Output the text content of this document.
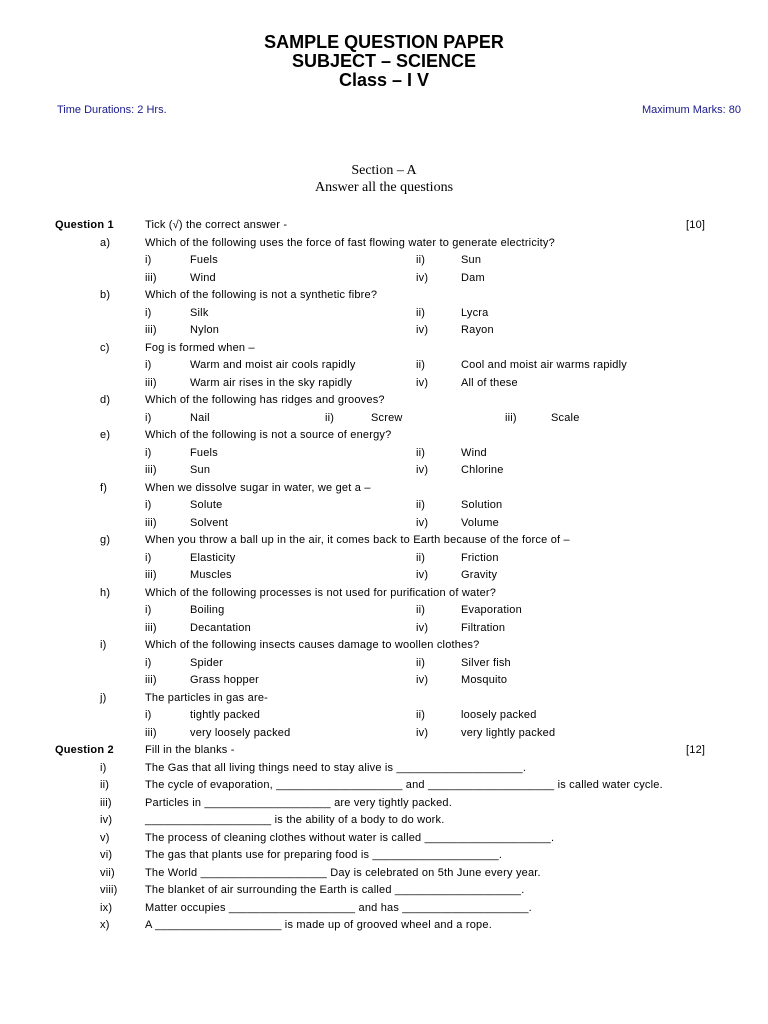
SAMPLE QUESTION PAPER
SUBJECT – SCIENCE
Class – I V
Time Durations: 2 Hrs.	Maximum Marks: 80
Section – A
Answer all the questions
Question 1	Tick (√) the correct answer -	[10]
a)	Which of the following uses the force of fast flowing water to generate electricity?
i)	Fuels	ii)	Sun
iii)	Wind	iv)	Dam
b)	Which of the following is not a synthetic fibre?
i)	Silk	ii)	Lycra
iii)	Nylon	iv)	Rayon
c)	Fog is formed when –
i)	Warm and moist air cools rapidly	ii)	Cool and moist air warms rapidly
iii)	Warm air rises in the sky rapidly	iv)	All of these
d)	Which of the following has ridges and grooves?
i)	Nail	ii)	Screw	iii)	Scale
e)	Which of the following is not a source of energy?
i)	Fuels	ii)	Wind
iii)	Sun	iv)	Chlorine
f)	When we dissolve sugar in water, we get a –
i)	Solute	ii)	Solution
iii)	Solvent	iv)	Volume
g)	When you throw a ball up in the air, it comes back to Earth because of the force of –
i)	Elasticity	ii)	Friction
iii)	Muscles	iv)	Gravity
h)	Which of the following processes is not used for purification of water?
i)	Boiling	ii)	Evaporation
iii)	Decantation	iv)	Filtration
i)	Which of the following insects causes damage to woollen clothes?
i)	Spider	ii)	Silver fish
iii)	Grass hopper	iv)	Mosquito
j)	The particles in gas are-
i)	tightly packed	ii)	loosely packed
iii)	very loosely packed	iv)	very lightly packed
Question 2	Fill in the blanks -	[12]
i)	The Gas that all living things need to stay alive is ____________________.
ii)	The cycle of evaporation, ____________________ and ____________________ is called water cycle.
iii)	Particles in ____________________ are very tightly packed.
iv)	____________________ is the ability of a body to do work.
v)	The process of cleaning clothes without water is called ____________________.
vi)	The gas that plants use for preparing food is ____________________.
vii)	The World ____________________ Day is celebrated on 5th June every year.
viii)	The blanket of air surrounding the Earth is called ____________________.
ix)	Matter occupies ____________________ and has ____________________.
x)	A ____________________ is made up of grooved wheel and a rope.
